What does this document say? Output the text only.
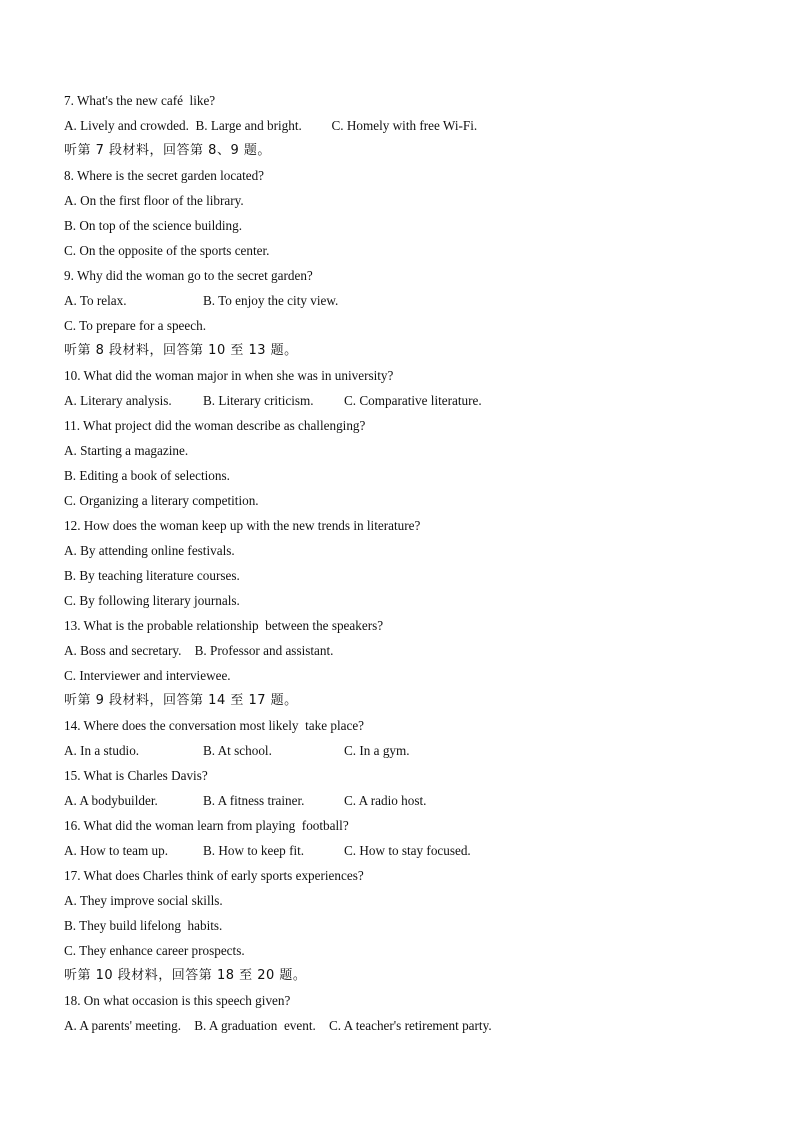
7. What's the new café  like?
A. Lively and crowded.  B. Large and bright.         C. Homely with free Wi-Fi.
听第 7 段材料，回答第 8、9 题。
8. Where is the secret garden located?
A. On the first floor of the library.
B. On top of the science building.
C. On the opposite of the sports center.
9. Why did the woman go to the secret garden?
A. To relax.	B. To enjoy the city view.
C. To prepare for a speech.
听第 8 段材料，回答第 10 至 13 题。
10. What did the woman major in when she was in university?
A. Literary analysis. B. Literary criticism. C. Comparative literature.
11. What project did the woman describe as challenging?
A. Starting a magazine.
B. Editing a book of selections.
C. Organizing a literary competition.
12. How does the woman keep up with the new trends in literature?
A. By attending online festivals.
B. By teaching literature courses.
C. By following literary journals.
13. What is the probable relationship  between the speakers?
A. Boss and secretary.    B. Professor and assistant.
C. Interviewer and interviewee.
听第 9 段材料，回答第 14 至 17 题。
14. Where does the conversation most likely  take place?
A. In a studio.	B. At school.	C. In a gym.
15. What is Charles Davis?
A. A bodybuilder.	B. A fitness trainer.	C. A radio host.
16. What did the woman learn from playing  football?
A. How to team up.	B. How to keep fit.	C. How to stay focused.
17. What does Charles think of early sports experiences?
A. They improve social skills.
B. They build lifelong  habits.
C. They enhance career prospects.
听第 10 段材料，回答第 18 至 20 题。
18. On what occasion is this speech given?
A. A parents' meeting.    B. A graduation  event.    C. A teacher's retirement party.
